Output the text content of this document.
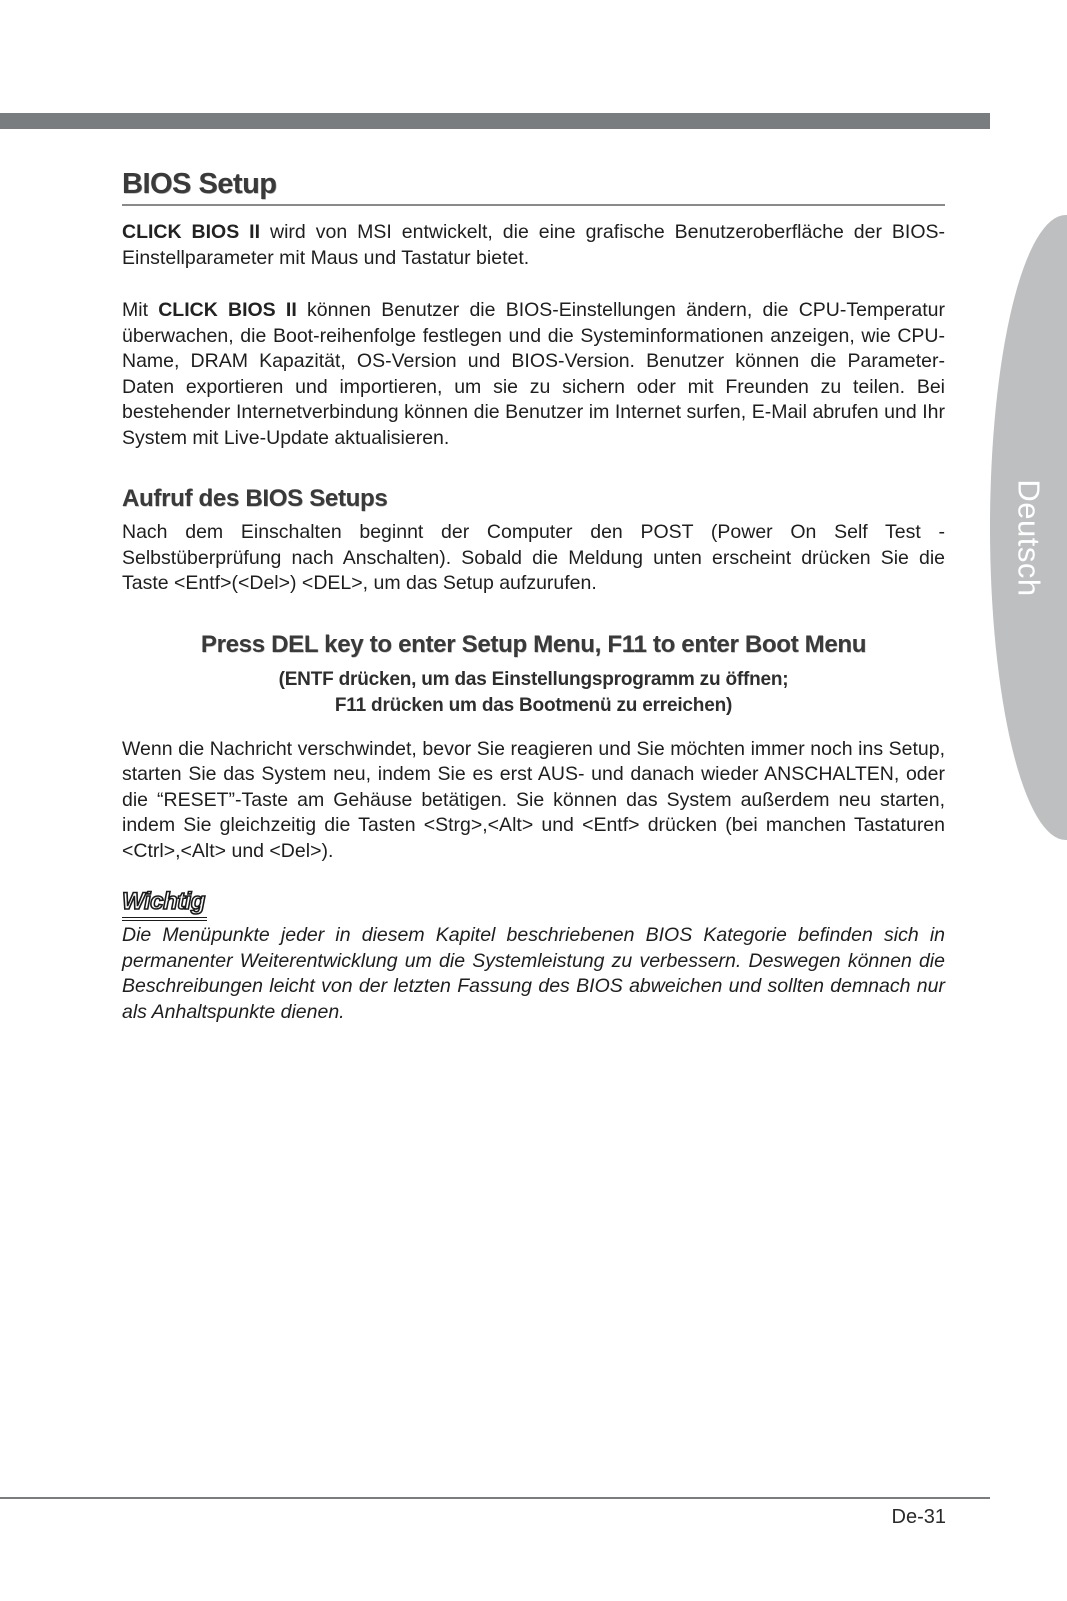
Deutsch
BIOS Setup

CLICK BIOS II wird von MSI entwickelt, die eine grafische Benutzeroberfläche der BIOS-Einstellparameter mit Maus und Tastatur bietet.

Mit CLICK BIOS II können Benutzer die BIOS-Einstellungen ändern, die CPU-Temperatur überwachen, die Boot-reihenfolge festlegen und die Systeminformationen anzeigen, wie CPU-Name, DRAM Kapazität, OS-Version und BIOS-Version. Benutzer können die Parameter-Daten exportieren und importieren, um sie zu sichern oder mit Freunden zu teilen. Bei bestehender Internetverbindung können die Benutzer im Internet surfen, E-Mail abrufen und Ihr System mit Live-Update aktualisieren.

Aufruf des BIOS Setups

Nach dem Einschalten beginnt der Computer den POST (Power On Self Test - Selbstüberprüfung nach Anschalten). Sobald die Meldung unten erscheint drücken Sie die Taste <Entf>(<Del>) <DEL>, um das Setup aufzurufen.

Press DEL key to enter Setup Menu, F11 to enter Boot Menu

(ENTF drücken, um das Einstellungsprogramm zu öffnen;

F11 drücken um das Bootmenü zu erreichen)

Wenn die Nachricht verschwindet, bevor Sie reagieren und Sie möchten immer noch ins Setup, starten Sie das System neu, indem Sie es erst AUS- und danach wieder ANSCHALTEN, oder die “RESET”-Taste am Gehäuse betätigen. Sie können das System außerdem neu starten, indem Sie gleichzeitig die Tasten <Strg>,<Alt> und <Entf> drücken (bei manchen Tastaturen <Ctrl>,<Alt> und <Del>).

Wichtig

Die Menüpunkte jeder in diesem Kapitel beschriebenen BIOS Kategorie befinden sich in permanenter Weiterentwicklung um die Systemleistung zu verbessern. Deswegen können die Beschreibungen leicht von der letzten Fassung des BIOS abweichen und sollten demnach nur als Anhaltspunkte dienen.

De-31
